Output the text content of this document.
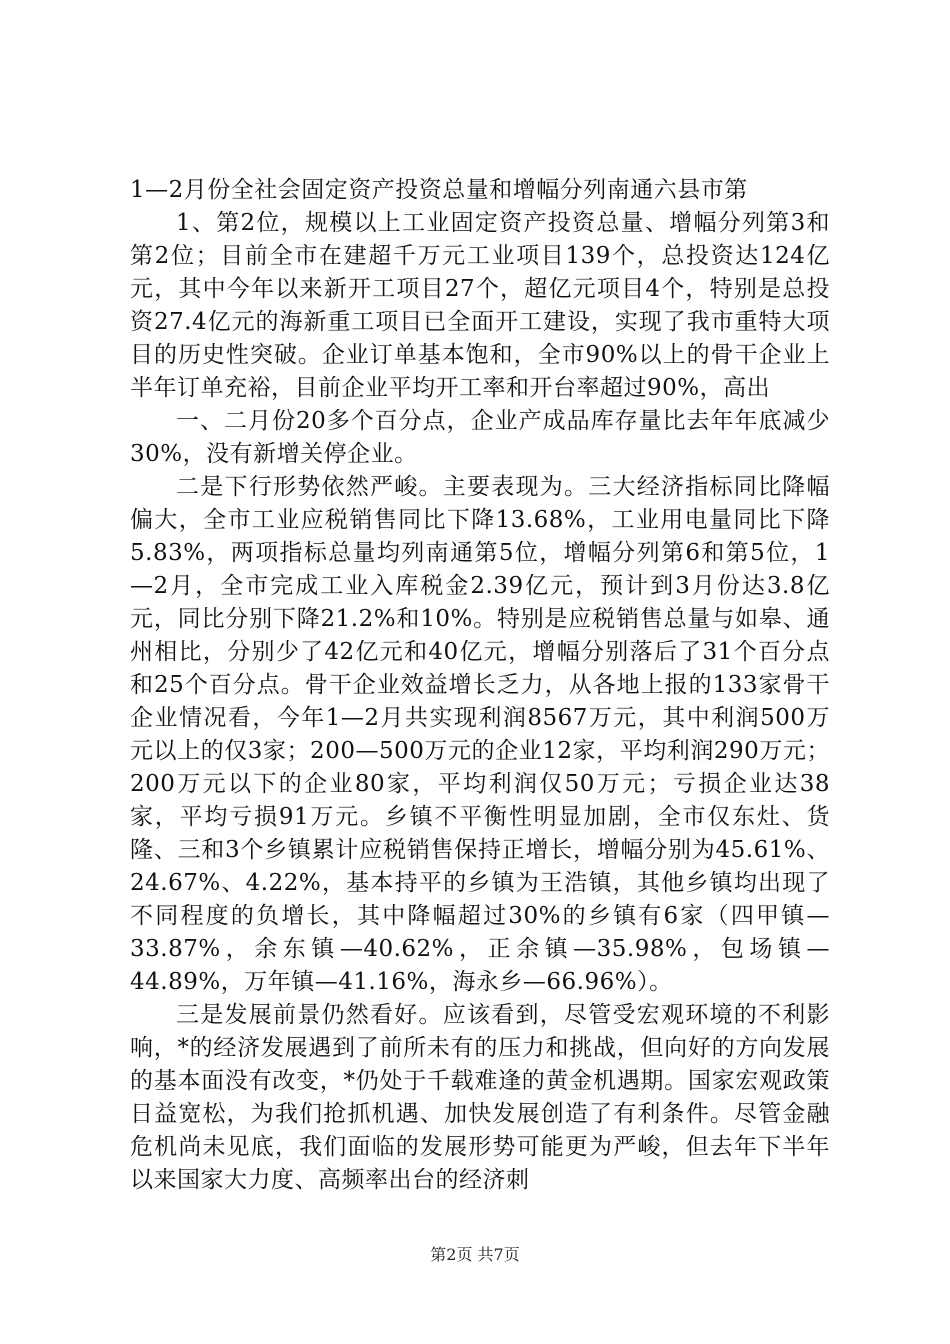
1—2月份全社会固定资产投资总量和增幅分列南通六县市第

1、第2位，规模以上工业固定资产投资总量、增幅分列第3和第2位；目前全市在建超千万元工业项目139个，总投资达124亿元，其中今年以来新开工项目27个，超亿元项目4个，特别是总投资27.4亿元的海新重工项目已全面开工建设，实现了我市重特大项目的历史性突破。企业订单基本饱和，全市90%以上的骨干企业上半年订单充裕，目前企业平均开工率和开台率超过90%，高出

一、二月份20多个百分点，企业产成品库存量比去年年底减少30%，没有新增关停企业。

二是下行形势依然严峻。主要表现为。三大经济指标同比降幅偏大，全市工业应税销售同比下降13.68%，工业用电量同比下降5.83%，两项指标总量均列南通第5位，增幅分列第6和第5位，1—2月，全市完成工业入库税金2.39亿元，预计到3月份达3.8亿元，同比分别下降21.2%和10%。特别是应税销售总量与如皋、通州相比，分别少了42亿元和40亿元，增幅分别落后了31个百分点和25个百分点。骨干企业效益增长乏力，从各地上报的133家骨干企业情况看，今年1—2月共实现利润8567万元，其中利润500万元以上的仅3家；200—500万元的企业12家，平均利润290万元；200万元以下的企业80家，平均利润仅50万元；亏损企业达38家，平均亏损91万元。乡镇不平衡性明显加剧，全市仅东灶、货隆、三和3个乡镇累计应税销售保持正增长，增幅分别为45.61%、24.67%、4.22%，基本持平的乡镇为王浩镇，其他乡镇均出现了不同程度的负增长，其中降幅超过30%的乡镇有6家（四甲镇—33.87%，余东镇—40.62%，正余镇—35.98%，包场镇—44.89%，万年镇—41.16%，海永乡—66.96%）。

三是发展前景仍然看好。应该看到，尽管受宏观环境的不利影响，*的经济发展遇到了前所未有的压力和挑战，但向好的方向发展的基本面没有改变，*仍处于千载难逢的黄金机遇期。国家宏观政策日益宽松，为我们抢抓机遇、加快发展创造了有利条件。尽管金融危机尚未见底，我们面临的发展形势可能更为严峻，但去年下半年以来国家大力度、高频率出台的经济刺

第2页 共7页
